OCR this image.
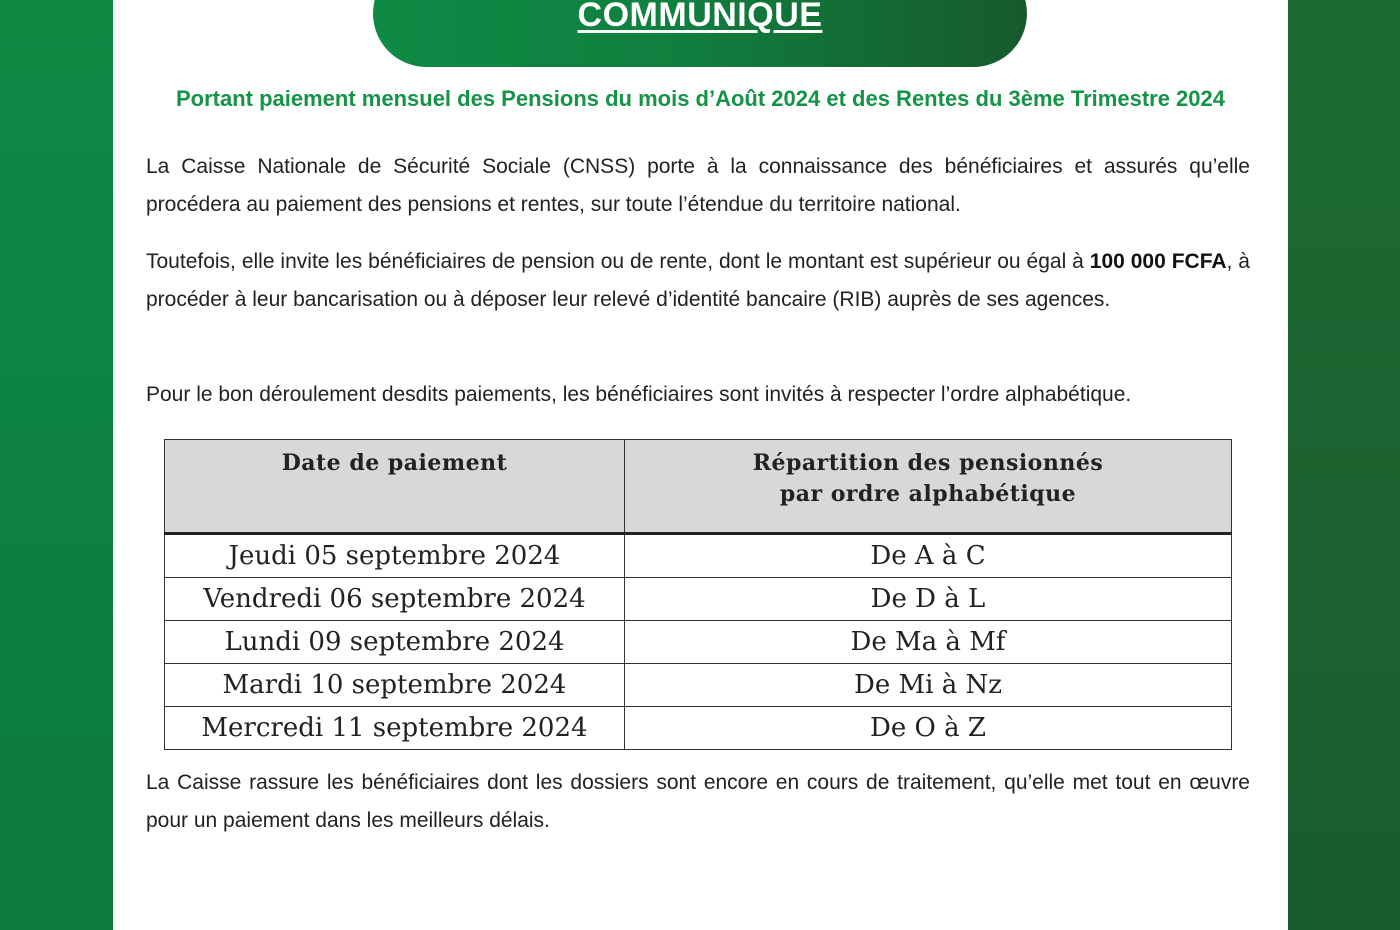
COMMUNIQUE
Portant paiement mensuel des Pensions du mois d’Août 2024 et des Rentes du 3ème Trimestre 2024
La Caisse Nationale de Sécurité Sociale (CNSS) porte à la connaissance des bénéficiaires et assurés qu’elle procédera au paiement des pensions et rentes, sur toute l’étendue du territoire national.
Toutefois, elle invite les bénéficiaires de pension ou de rente, dont le montant est supérieur ou égal à 100 000 FCFA, à procéder à leur bancarisation ou à déposer leur relevé d’identité bancaire (RIB) auprès de ses agences.
Pour le bon déroulement desdits paiements, les bénéficiaires sont invités à respecter l’ordre alphabétique.
Date de paiement	Répartition des pensionnés
par ordre alphabétique
Jeudi 05 septembre 2024	De A à C
Vendredi 06 septembre 2024	De D à L
Lundi 09 septembre 2024	De Ma à Mf
Mardi 10 septembre 2024	De Mi à Nz
Mercredi 11 septembre 2024	De O à Z
La Caisse rassure les bénéficiaires dont les dossiers sont encore en cours de traitement, qu’elle met tout en œuvre pour un paiement dans les meilleurs délais.
